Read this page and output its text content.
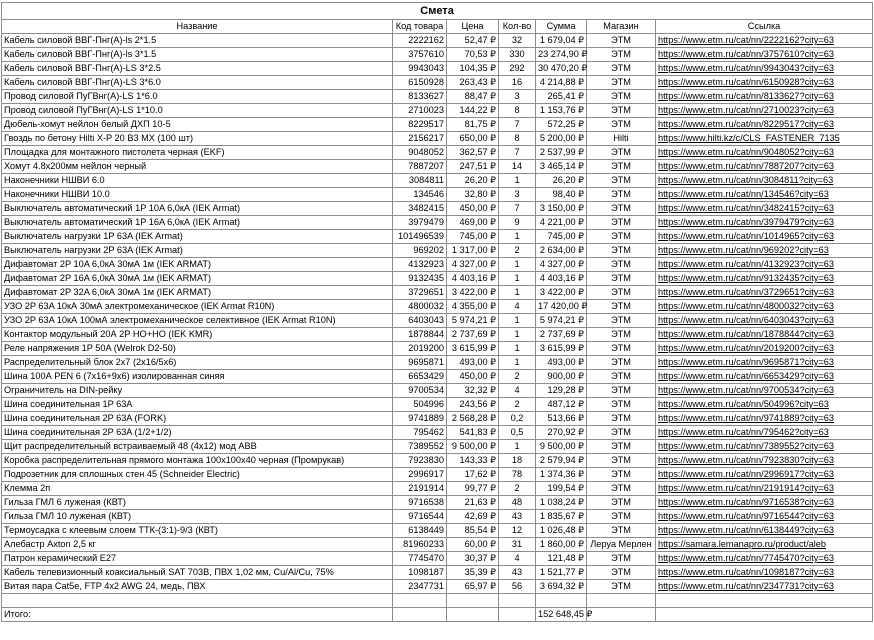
Смета						
Название	Код товара	Цена	Кол-во	Сумма	Магазин	Ссылка
Кабель силовой ВВГ-Пнг(А)-ls 2*1.5	2222162	52,47 ₽	32	1 679,04 ₽	ЭТМ	https://www.etm.ru/cat/nn/2222162?city=63
Кабель силовой ВВГ-Пнг(А)-ls 3*1.5	3757610	70,53 ₽	330	23 274,90 ₽	ЭТМ	https://www.etm.ru/cat/nn/3757610?city=63
Кабель силовой ВВГ-Пнг(А)-LS 3*2.5	9943043	104,35 ₽	292	30 470,20 ₽	ЭТМ	https://www.etm.ru/cat/nn/9943043?city=63
Кабель силовой ВВГ-Пнг(А)-LS 3*6.0	6150928	263,43 ₽	16	4 214,88 ₽	ЭТМ	https://www.etm.ru/cat/nn/6150928?city=63
Провод силовой ПуГВнг(А)-LS 1*6.0	8133627	88,47 ₽	3	265,41 ₽	ЭТМ	https://www.etm.ru/cat/nn/8133627?city=63
Провод силовой ПуГВнг(А)-LS 1*10.0	2710023	144,22 ₽	8	1 153,76 ₽	ЭТМ	https://www.etm.ru/cat/nn/2710023?city=63
Дюбель-хомут нейлон белый ДХП 10-5	8229517	81,75 ₽	7	572,25 ₽	ЭТМ	https://www.etm.ru/cat/nn/8229517?city=63
Гвоздь по бетону Hilti X-P 20 B3 MX (100 шт)	2156217	650,00 ₽	8	5 200,00 ₽	Hilti	https://www.hilti.kz/c/CLS_FASTENER_7135
Площадка для монтажного пистолета черная (EKF)	9048052	362,57 ₽	7	2 537,99 ₽	ЭТМ	https://www.etm.ru/cat/nn/9048052?city=63
Хомут 4.8x200мм нейлон черный	7887207	247,51 ₽	14	3 465,14 ₽	ЭТМ	https://www.etm.ru/cat/nn/7887207?city=63
Наконечники НШВИ 6.0	3084811	26,20 ₽	1	26,20 ₽	ЭТМ	https://www.etm.ru/cat/nn/3084811?city=63
Наконечники НШВИ 10.0	134546	32,80 ₽	3	98,40 ₽	ЭТМ	https://www.etm.ru/cat/nn/134546?city=63
Выключатель автоматический 1P 10A 6,0кА (IEK Armat)	3482415	450,00 ₽	7	3 150,00 ₽	ЭТМ	https://www.etm.ru/cat/nn/3482415?city=63
Выключатель автоматический 1P 16A 6,0кА (IEK Armat)	3979479	469,00 ₽	9	4 221,00 ₽	ЭТМ	https://www.etm.ru/cat/nn/3979479?city=63
Выключатель нагрузки 1P 63A (IEK Armat)	101496539	745,00 ₽	1	745,00 ₽	ЭТМ	https://www.etm.ru/cat/nn/1014965?city=63
Выключатель нагрузки 2P 63A (IEK Armat)	969202	1 317,00 ₽	2	2 634,00 ₽	ЭТМ	https://www.etm.ru/cat/nn/969202?city=63
Дифавтомат 2P 10A 6,0кА 30мА 1м (IEK ARMAT)	4132923	4 327,00 ₽	1	4 327,00 ₽	ЭТМ	https://www.etm.ru/cat/nn/4132923?city=63
Дифавтомат 2P 16A 6,0кА 30мА 1м (IEK ARMAT)	9132435	4 403,16 ₽	1	4 403,16 ₽	ЭТМ	https://www.etm.ru/cat/nn/9132435?city=63
Дифавтомат 2P 32A 6,0кА 30мА 1м (IEK ARMAT)	3729651	3 422,00 ₽	1	3 422,00 ₽	ЭТМ	https://www.etm.ru/cat/nn/3729651?city=63
УЗО 2P 63A 10кА 30мА электромеханическое (IEK Armat R10N)	4800032	4 355,00 ₽	4	17 420,00 ₽	ЭТМ	https://www.etm.ru/cat/nn/4800032?city=63
УЗО 2P 63A 10кА 100мА электромеханическое селективное (IEK Armat R10N)	6403043	5 974,21 ₽	1	5 974,21 ₽	ЭТМ	https://www.etm.ru/cat/nn/6403043?city=63
Контактор модульный 20А 2Р НО+НО (IEK KMR)	1878844	2 737,69 ₽	1	2 737,69 ₽	ЭТМ	https://www.etm.ru/cat/nn/1878844?city=63
Реле напряжения 1P 50A (Welrok D2-50)	2019200	3 615,99 ₽	1	3 615,99 ₽	ЭТМ	https://www.etm.ru/cat/nn/2019200?city=63
Распределительный блок 2x7 (2x16/5x6)	9695871	493,00 ₽	1	493,00 ₽	ЭТМ	https://www.etm.ru/cat/nn/9695871?city=63
Шина 100А PEN 6 (7x16+9x6) изолированная синяя	6653429	450,00 ₽	2	900,00 ₽	ЭТМ	https://www.etm.ru/cat/nn/6653429?city=63
Ограничитель на DIN-рейку	9700534	32,32 ₽	4	129,28 ₽	ЭТМ	https://www.etm.ru/cat/nn/9700534?city=63
Шина соединительная 1P 63A	504996	243,56 ₽	2	487,12 ₽	ЭТМ	https://www.etm.ru/cat/nn/504996?city=63
Шина соединительная 2P 63A (FORK)	9741889	2 568,28 ₽	0,2	513,66 ₽	ЭТМ	https://www.etm.ru/cat/nn/9741889?city=63
Шина соединительная 2P 63A (1/2+1/2)	795462	541,83 ₽	0,5	270,92 ₽	ЭТМ	https://www.etm.ru/cat/nn/795462?city=63
Щит распределительный встраиваемый 48 (4x12) мод ABB	7389552	9 500,00 ₽	1	9 500,00 ₽	ЭТМ	https://www.etm.ru/cat/nn/7389552?city=63
Коробка распределительная прямого монтажа 100x100x40 черная (Промрукав)	7923830	143,33 ₽	18	2 579,94 ₽	ЭТМ	https://www.etm.ru/cat/nn/7923830?city=63
Подрозетник для сплошных стен 45 (Schneider Electric)	2996917	17,62 ₽	78	1 374,36 ₽	ЭТМ	https://www.etm.ru/cat/nn/2996917?city=63
Клемма 2п	2191914	99,77 ₽	2	199,54 ₽	ЭТМ	https://www.etm.ru/cat/nn/2191914?city=63
Гильза ГМЛ 6 луженая (КВТ)	9716538	21,63 ₽	48	1 038,24 ₽	ЭТМ	https://www.etm.ru/cat/nn/9716538?city=63
Гильза ГМЛ 10 луженая (КВТ)	9716544	42,69 ₽	43	1 835,67 ₽	ЭТМ	https://www.etm.ru/cat/nn/9716544?city=63
Термоусадка с клеевым слоем ТТК-(3:1)-9/3 (КВТ)	6138449	85,54 ₽	12	1 026,48 ₽	ЭТМ	https://www.etm.ru/cat/nn/6138449?city=63
Алебастр Axton 2,5 кг	81960233	60,00 ₽	31	1 860,00 ₽	Леруа Мерлен	https://samara.lemanapro.ru/product/aleb
Патрон керамический E27	7745470	30,37 ₽	4	121,48 ₽	ЭТМ	https://www.etm.ru/cat/nn/7745470?city=63
Кабель телевизионный коаксиальный SAT 703B, ПВХ 1,02 мм, Cu/Al/Cu, 75%	1098187	35,39 ₽	43	1 521,77 ₽	ЭТМ	https://www.etm.ru/cat/nn/1098187?city=63
Витая пара Cat5e, FTP 4x2 AWG 24, медь, ПВХ	2347731	65,97 ₽	56	3 694,32 ₽	ЭТМ	https://www.etm.ru/cat/nn/2347731?city=63

Итого:				152 648,45 ₽		
